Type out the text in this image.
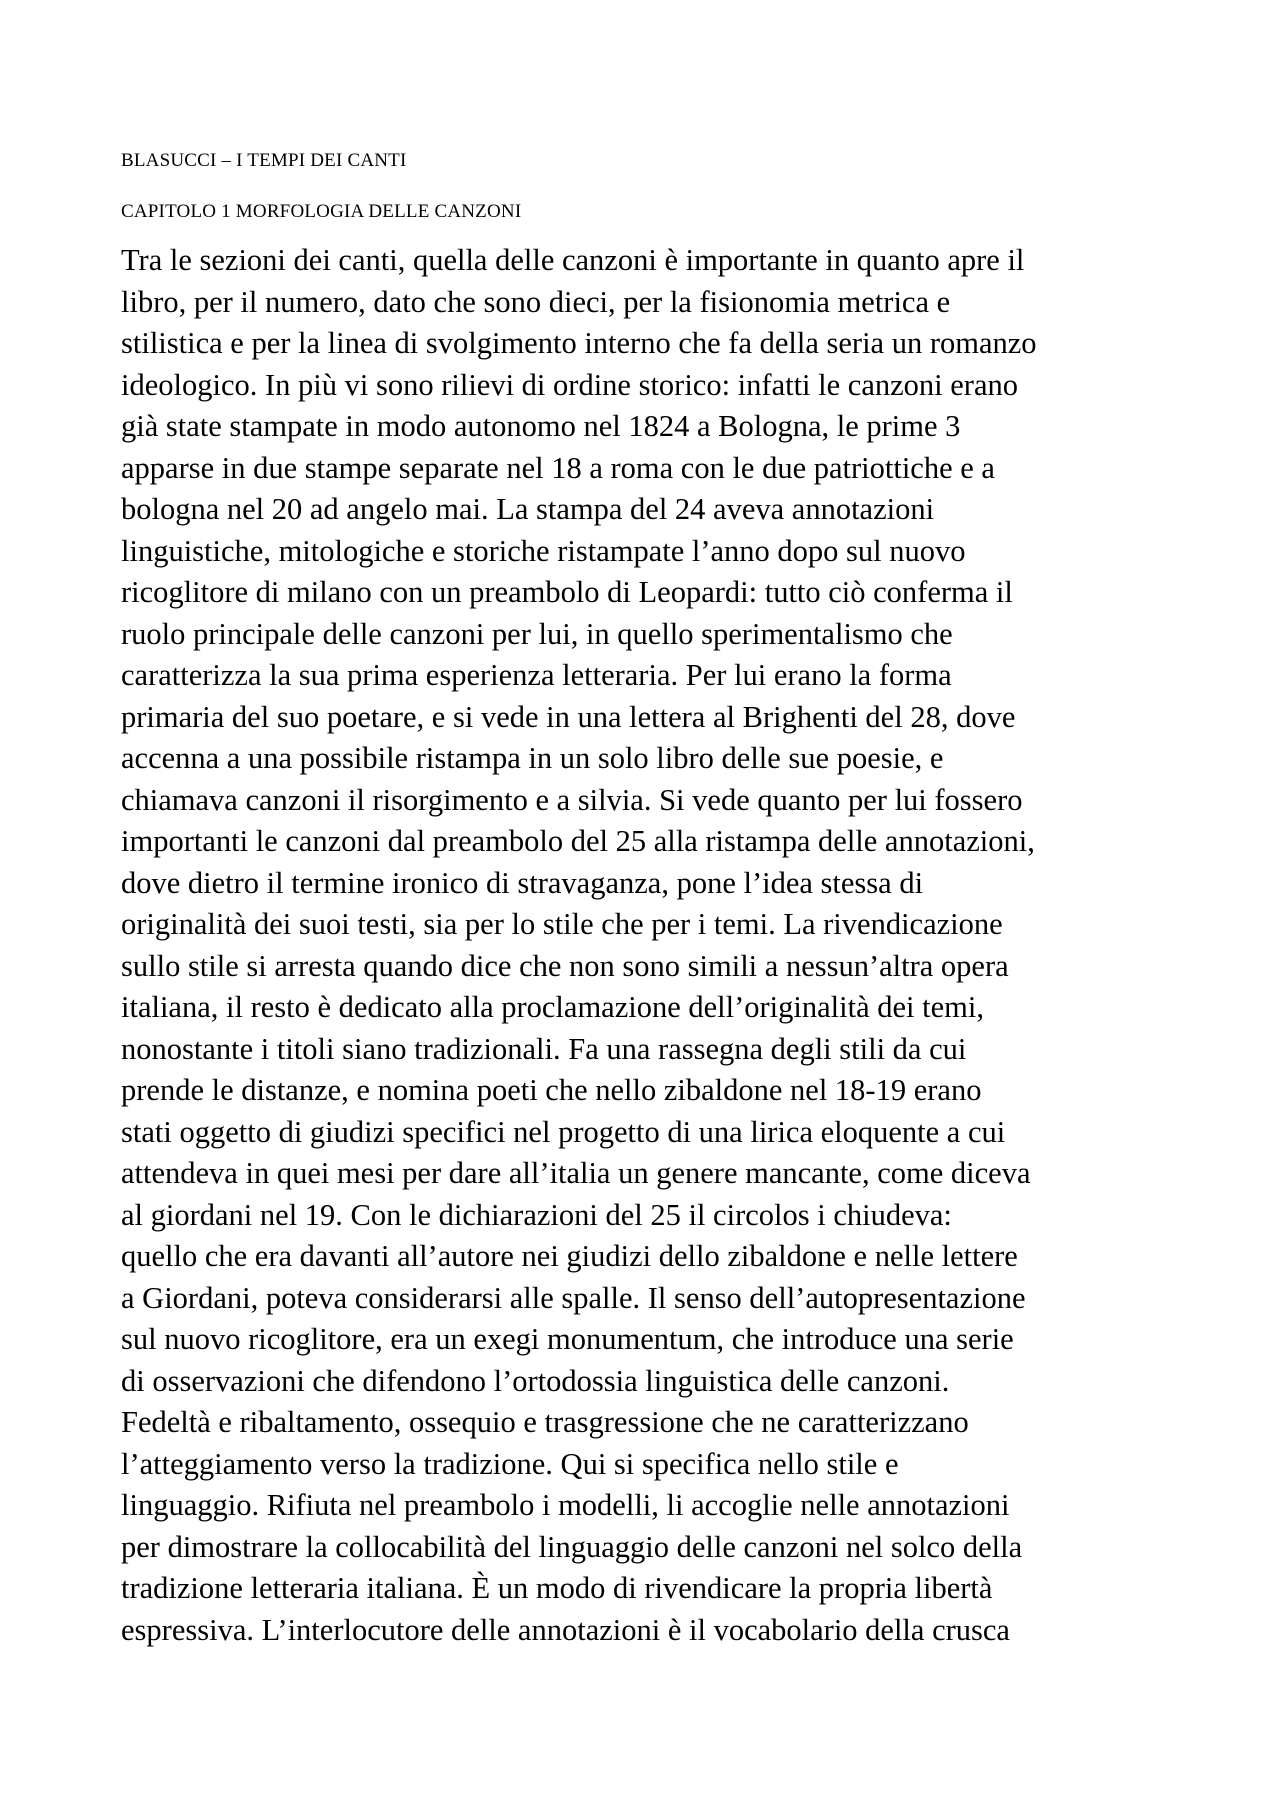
BLASUCCI – I TEMPI DEI CANTI

CAPITOLO 1 MORFOLOGIA DELLE CANZONI

Tra le sezioni dei canti, quella delle canzoni è importante in quanto apre il
libro, per il numero, dato che sono dieci, per la fisionomia metrica e
stilistica e per la linea di svolgimento interno che fa della seria un romanzo
ideologico. In più vi sono rilievi di ordine storico: infatti le canzoni erano
già state stampate in modo autonomo nel 1824 a Bologna, le prime 3
apparse in due stampe separate nel 18 a roma con le due patriottiche e a
bologna nel 20 ad angelo mai. La stampa del 24 aveva annotazioni
linguistiche, mitologiche e storiche ristampate l’anno dopo sul nuovo
ricoglitore di milano con un preambolo di Leopardi: tutto ciò conferma il
ruolo principale delle canzoni per lui, in quello sperimentalismo che
caratterizza la sua prima esperienza letteraria. Per lui erano la forma
primaria del suo poetare, e si vede in una lettera al Brighenti del 28, dove
accenna a una possibile ristampa in un solo libro delle sue poesie, e
chiamava canzoni il risorgimento e a silvia. Si vede quanto per lui fossero
importanti le canzoni dal preambolo del 25 alla ristampa delle annotazioni,
dove dietro il termine ironico di stravaganza, pone l’idea stessa di
originalità dei suoi testi, sia per lo stile che per i temi. La rivendicazione
sullo stile si arresta quando dice che non sono simili a nessun’altra opera
italiana, il resto è dedicato alla proclamazione dell’originalità dei temi,
nonostante i titoli siano tradizionali. Fa una rassegna degli stili da cui
prende le distanze, e nomina poeti che nello zibaldone nel 18-19 erano
stati oggetto di giudizi specifici nel progetto di una lirica eloquente a cui
attendeva in quei mesi per dare all’italia un genere mancante, come diceva
al giordani nel 19. Con le dichiarazioni del 25 il circolos i chiudeva:
quello che era davanti all’autore nei giudizi dello zibaldone e nelle lettere
a Giordani, poteva considerarsi alle spalle. Il senso dell’autopresentazione
sul nuovo ricoglitore, era un exegi monumentum, che introduce una serie
di osservazioni che difendono l’ortodossia linguistica delle canzoni.
Fedeltà e ribaltamento, ossequio e trasgressione che ne caratterizzano
l’atteggiamento verso la tradizione. Qui si specifica nello stile e
linguaggio. Rifiuta nel preambolo i modelli, li accoglie nelle annotazioni
per dimostrare la collocabilità del linguaggio delle canzoni nel solco della
tradizione letteraria italiana. È un modo di rivendicare la propria libertà
espressiva. L’interlocutore delle annotazioni è il vocabolario della crusca
